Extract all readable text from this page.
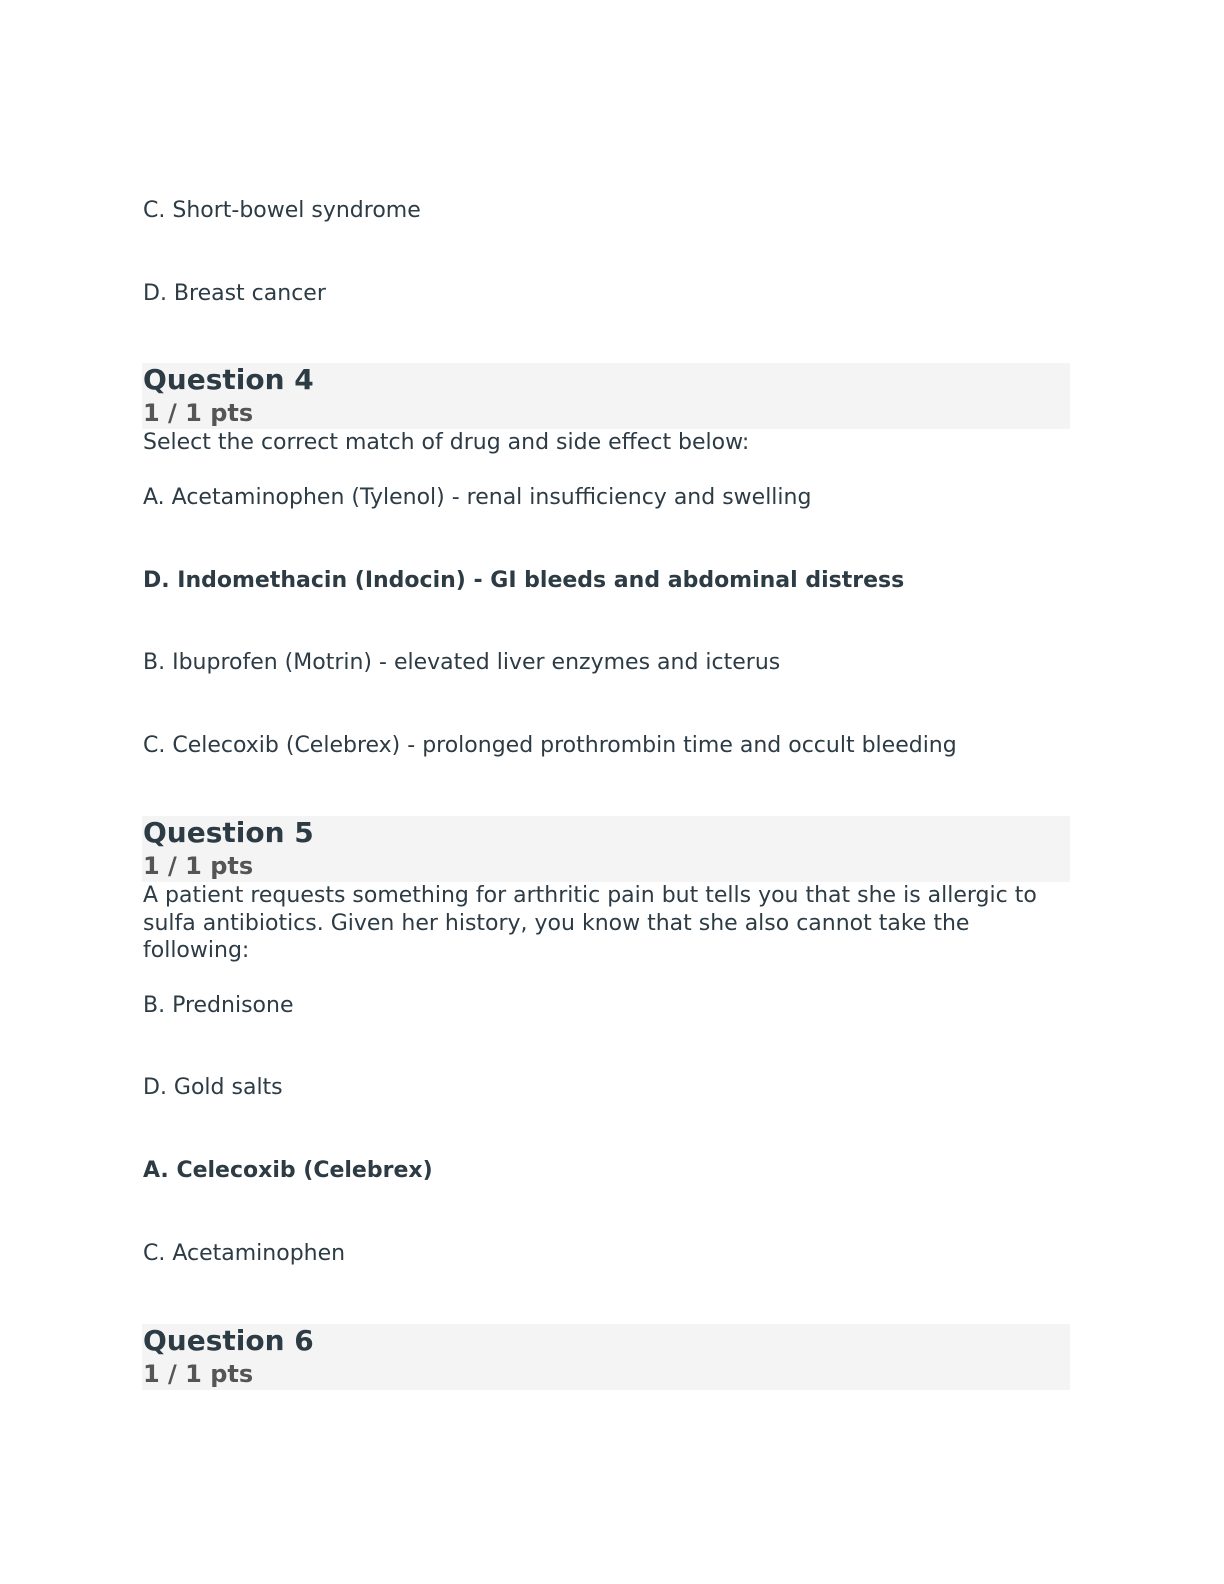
C. Short-bowel syndrome

D. Breast cancer

Question 4
1 / 1 pts

Select the correct match of drug and side effect below:

A. Acetaminophen (Tylenol) - renal insufficiency and swelling

D. Indomethacin (Indocin) - GI bleeds and abdominal distress

B. Ibuprofen (Motrin) - elevated liver enzymes and icterus

C. Celecoxib (Celebrex) - prolonged prothrombin time and occult bleeding

Question 5
1 / 1 pts

A patient requests something for arthritic pain but tells you that she is allergic to sulfa antibiotics. Given her history, you know that she also cannot take the following:

B. Prednisone

D. Gold salts

A. Celecoxib (Celebrex)

C. Acetaminophen

Question 6
1 / 1 pts
